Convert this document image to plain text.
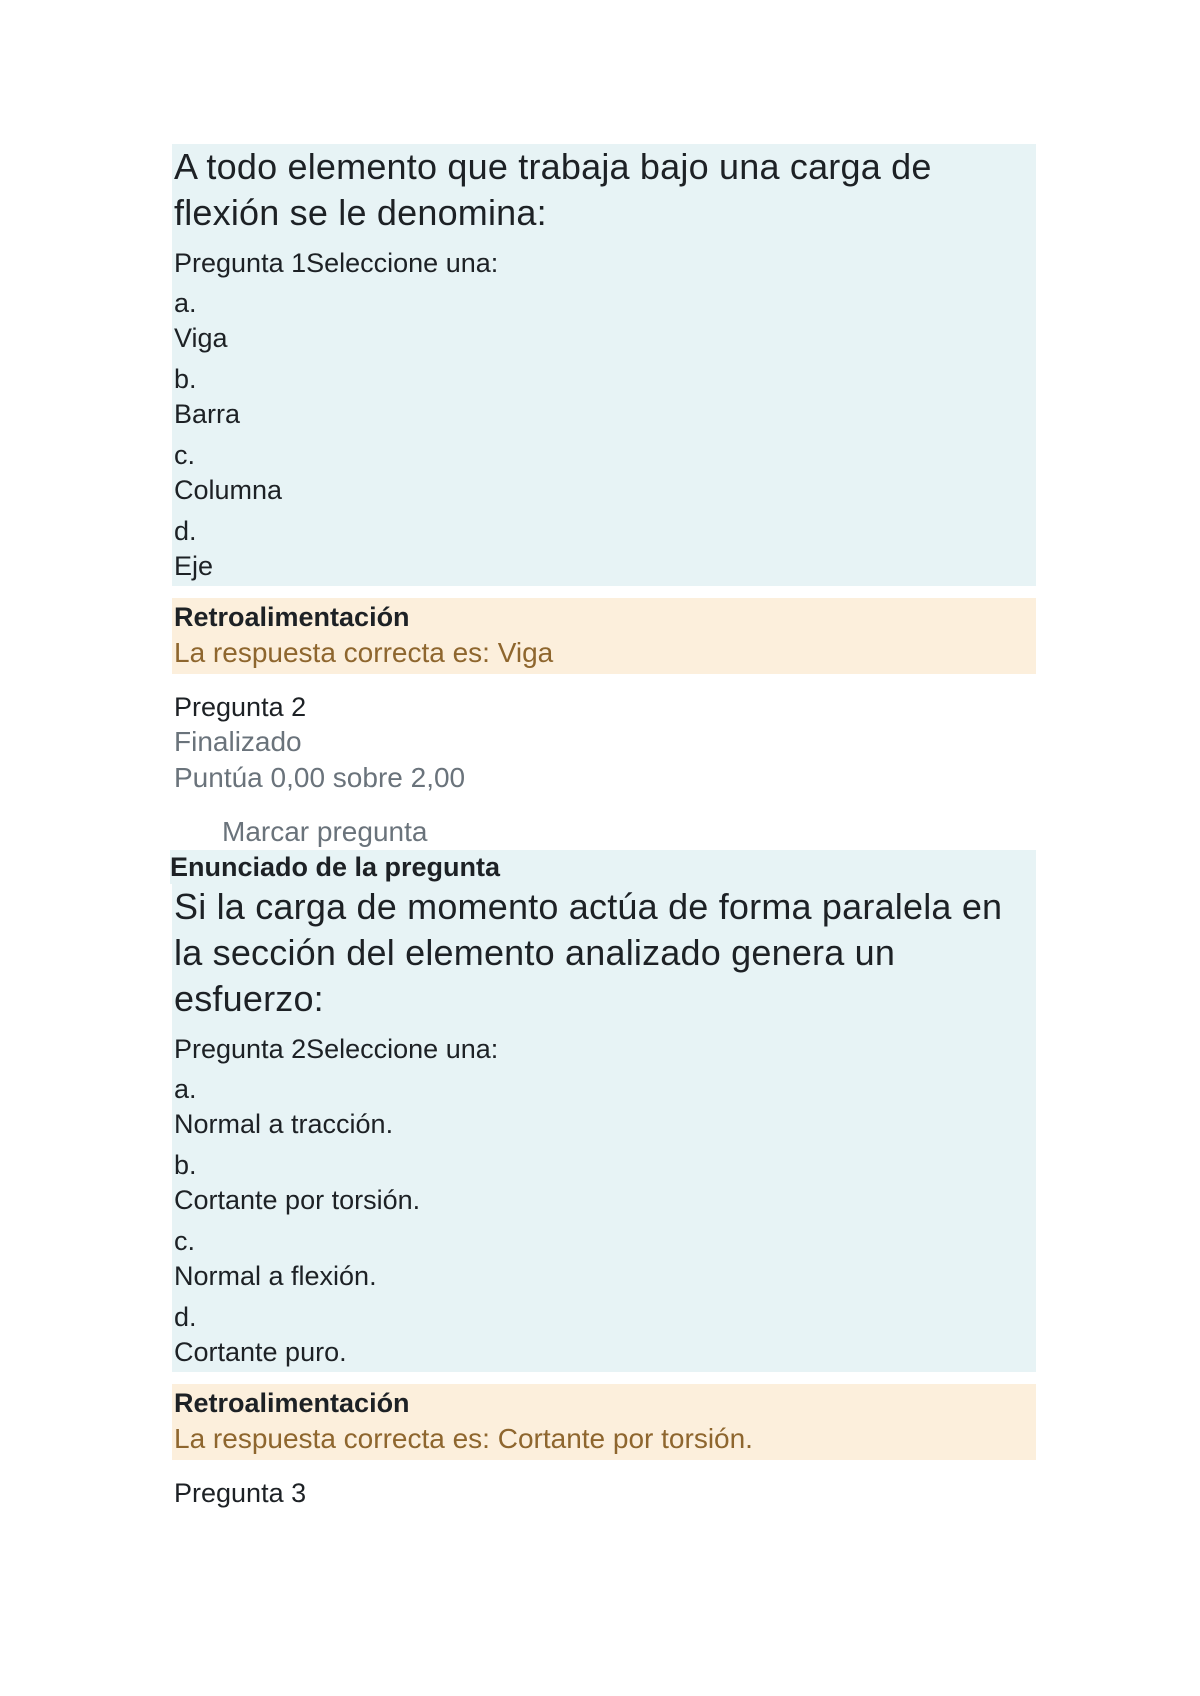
A todo elemento que trabaja bajo una carga de flexión se le denomina:
Pregunta 1Seleccione una:
a.
Viga
b.
Barra
c.
Columna
d.
Eje
Retroalimentación
La respuesta correcta es: Viga
Pregunta 2
Finalizado
Puntúa 0,00 sobre 2,00
Marcar pregunta
Enunciado de la pregunta
Si la carga de momento actúa de forma paralela en la sección del elemento analizado genera un esfuerzo:
Pregunta 2Seleccione una:
a.
Normal a tracción.
b.
Cortante por torsión.
c.
Normal a flexión.
d.
Cortante puro.
Retroalimentación
La respuesta correcta es: Cortante por torsión.
Pregunta 3
